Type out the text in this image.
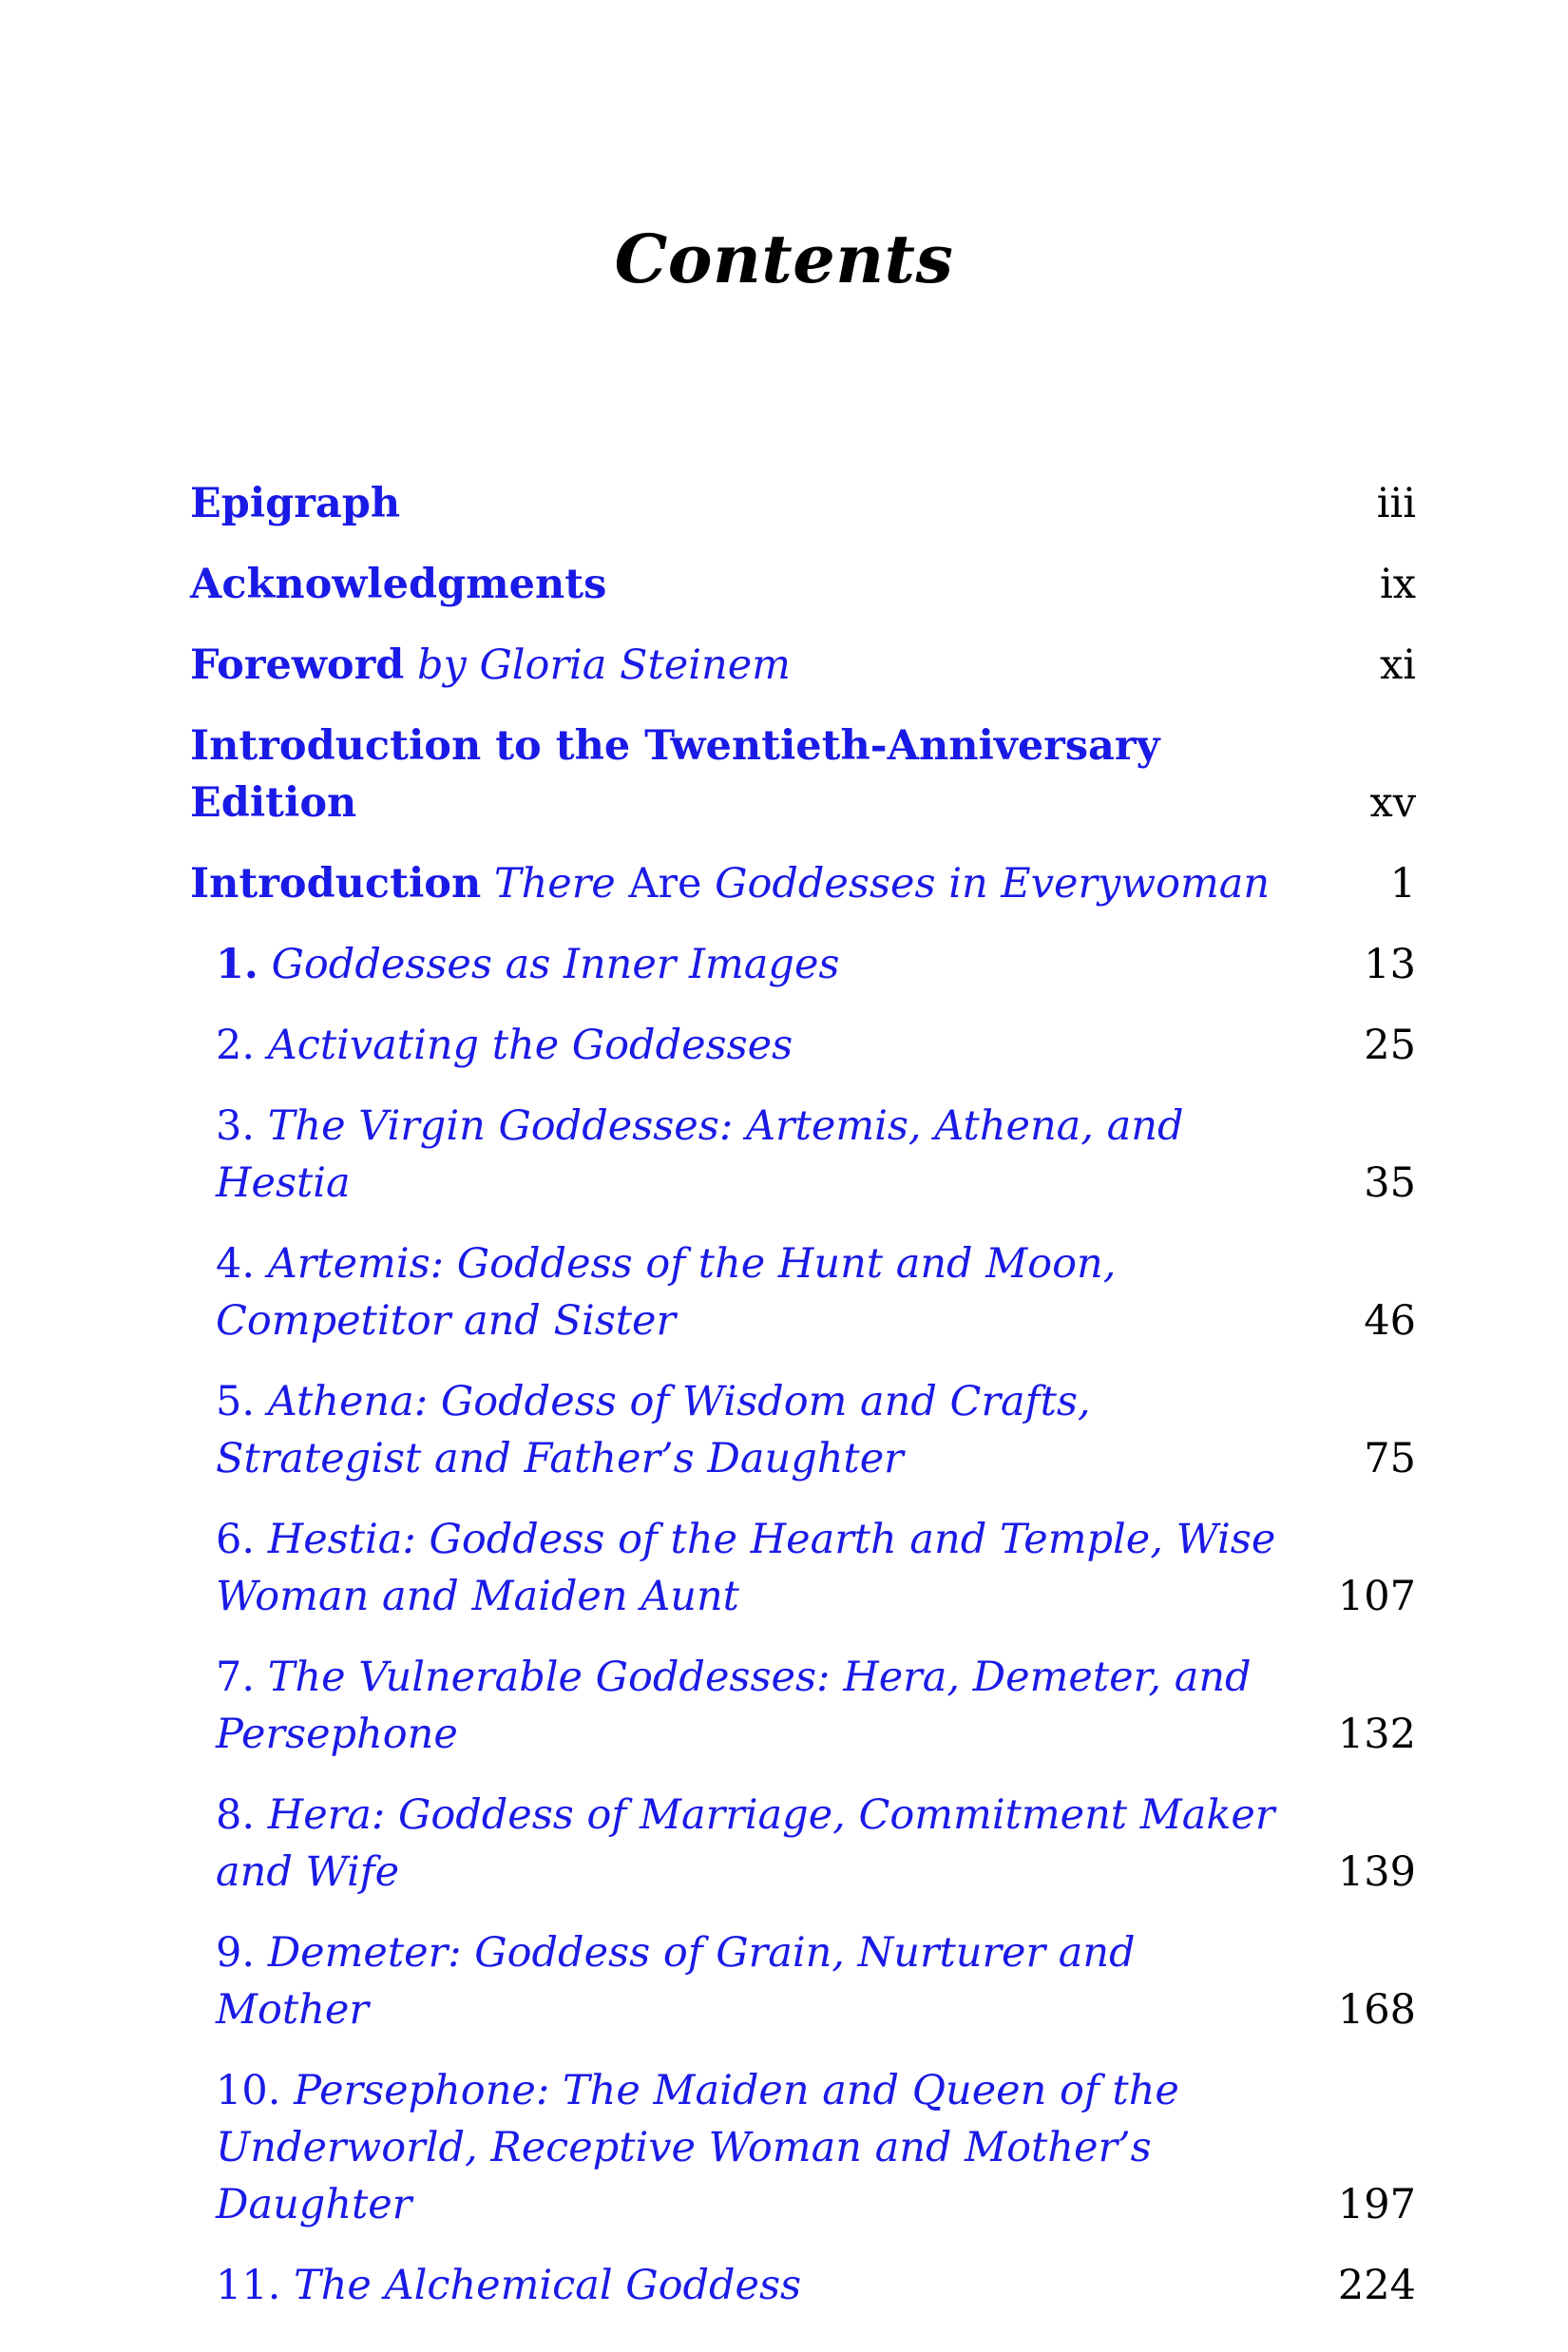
Contents
Epigraph	iii
Acknowledgments	ix
Foreword by Gloria Steinem	xi
Introduction to the Twentieth-Anniversary Edition	xv
Introduction There Are Goddesses in Everywoman	1
1. Goddesses as Inner Images	13
2. Activating the Goddesses	25
3. The Virgin Goddesses: Artemis, Athena, and Hestia	35
4. Artemis: Goddess of the Hunt and Moon, Competitor and Sister	46
5. Athena: Goddess of Wisdom and Crafts, Strategist and Father’s Daughter	75
6. Hestia: Goddess of the Hearth and Temple, Wise Woman and Maiden Aunt	107
7. The Vulnerable Goddesses: Hera, Demeter, and Persephone	132
8. Hera: Goddess of Marriage, Commitment Maker and Wife	139
9. Demeter: Goddess of Grain, Nurturer and Mother	168
10. Persephone: The Maiden and Queen of the Underworld, Receptive Woman and Mother’s Daughter	197
11. The Alchemical Goddess	224
